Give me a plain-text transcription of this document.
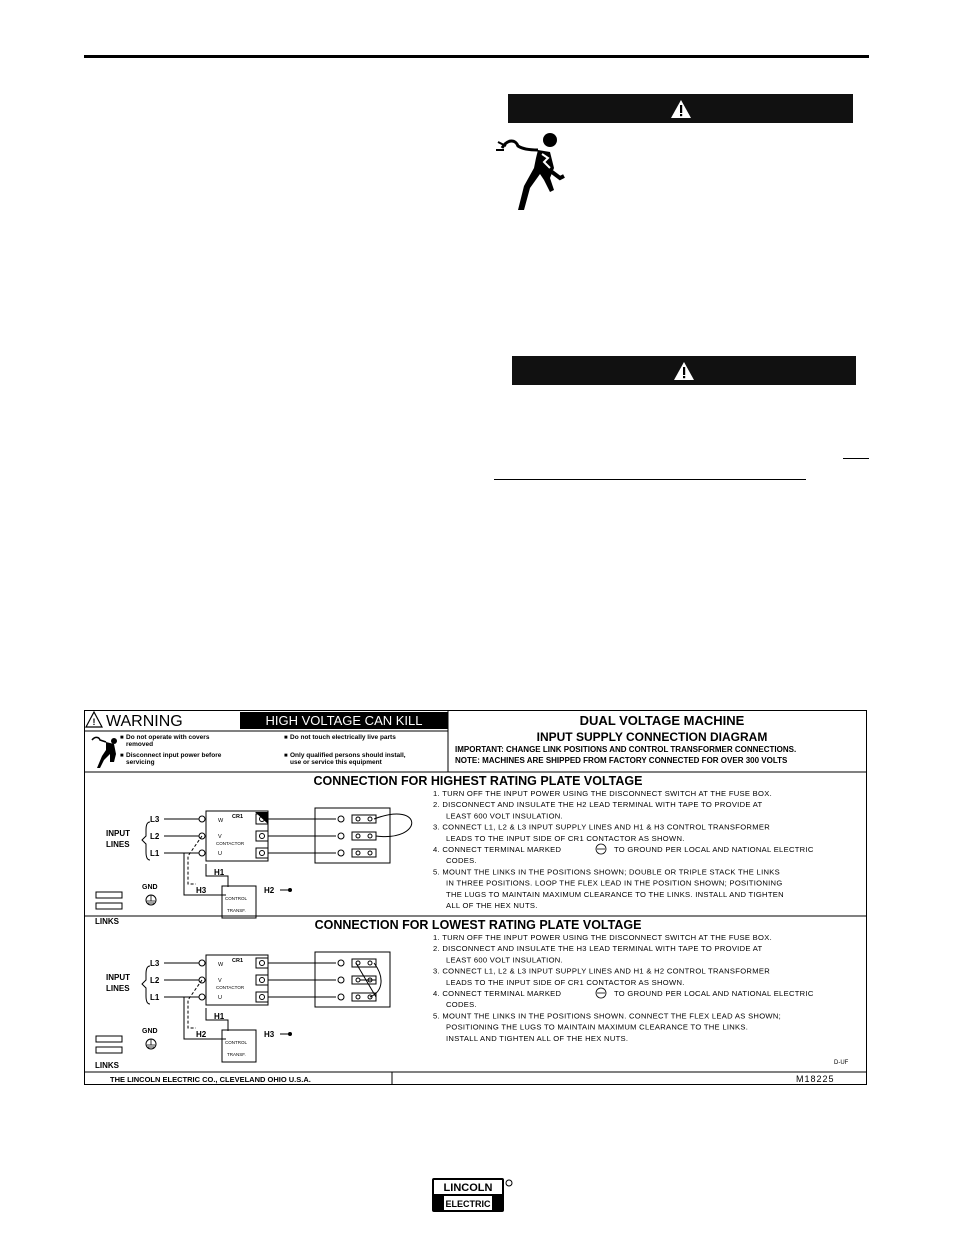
! WARNING	HIGH VOLTAGE CAN KILL
■ Do not operate with covers
removed
■ Disconnect input power before
servicing
■ Do not touch electrically live parts
■ Only qualified persons should install,
use or service this equipment
DUAL VOLTAGE MACHINE
INPUT SUPPLY CONNECTION DIAGRAM
IMPORTANT: CHANGE LINK POSITIONS AND CONTROL TRANSFORMER CONNECTIONS.
NOTE: MACHINES ARE SHIPPED FROM FACTORY CONNECTED FOR OVER 300 VOLTS
CONNECTION FOR HIGHEST RATING PLATE VOLTAGE
1. TURN OFF THE INPUT POWER USING THE DISCONNECT SWITCH AT THE FUSE BOX.
2. DISCONNECT AND INSULATE THE H2 LEAD TERMINAL WITH TAPE TO PROVIDE AT
LEAST 600 VOLT INSULATION.
3. CONNECT L1, L2 & L3 INPUT SUPPLY LINES AND H1 & H3 CONTROL TRANSFORMER
LEADS TO THE INPUT SIDE OF CR1 CONTACTOR AS SHOWN.
4. CONNECT TERMINAL MARKED	TO GROUND PER LOCAL AND NATIONAL ELECTRIC
CODES.
5. MOUNT THE LINKS IN THE POSITIONS SHOWN; DOUBLE OR TRIPLE STACK THE LINKS
IN THREE POSITIONS. LOOP THE FLEX LEAD IN THE POSITION SHOWN; POSITIONING
THE LUGS TO MAINTAIN MAXIMUM CLEARANCE TO THE LINKS. INSTALL AND TIGHTEN
ALL OF THE HEX NUTS.
INPUT
LINES
L3
L2
L1
W
V
U
CR1
CONTACTOR
H1
H3
CONTROL
TRANSF.
H2
GND
LINKS	CONNECTION FOR LOWEST RATING PLATE VOLTAGE
1. TURN OFF THE INPUT POWER USING THE DISCONNECT SWITCH AT THE FUSE BOX.
2. DISCONNECT AND INSULATE THE H3 LEAD TERMINAL WITH TAPE TO PROVIDE AT
LEAST 600 VOLT INSULATION.
3. CONNECT L1, L2 & L3 INPUT SUPPLY LINES AND H1 & H2 CONTROL TRANSFORMER
LEADS TO THE INPUT SIDE OF CR1 CONTACTOR AS SHOWN.
4. CONNECT TERMINAL MARKED	TO GROUND PER LOCAL AND NATIONAL ELECTRIC
CODES.
5. MOUNT THE LINKS IN THE POSITIONS SHOWN. CONNECT THE FLEX LEAD AS SHOWN;
POSITIONING THE LUGS TO MAINTAIN MAXIMUM CLEARANCE TO THE LINKS.
INSTALL AND TIGHTEN ALL OF THE HEX NUTS.
INPUT
LINES
L3
L2
L1
W
V
U
CR1
CONTACTOR
H1
H2
CONTROL
TRANSF.
H3
GND
LINKS
THE LINCOLN ELECTRIC CO., CLEVELAND OHIO U.S.A.
D-UF
M18225
LINCOLN
ELECTRIC
